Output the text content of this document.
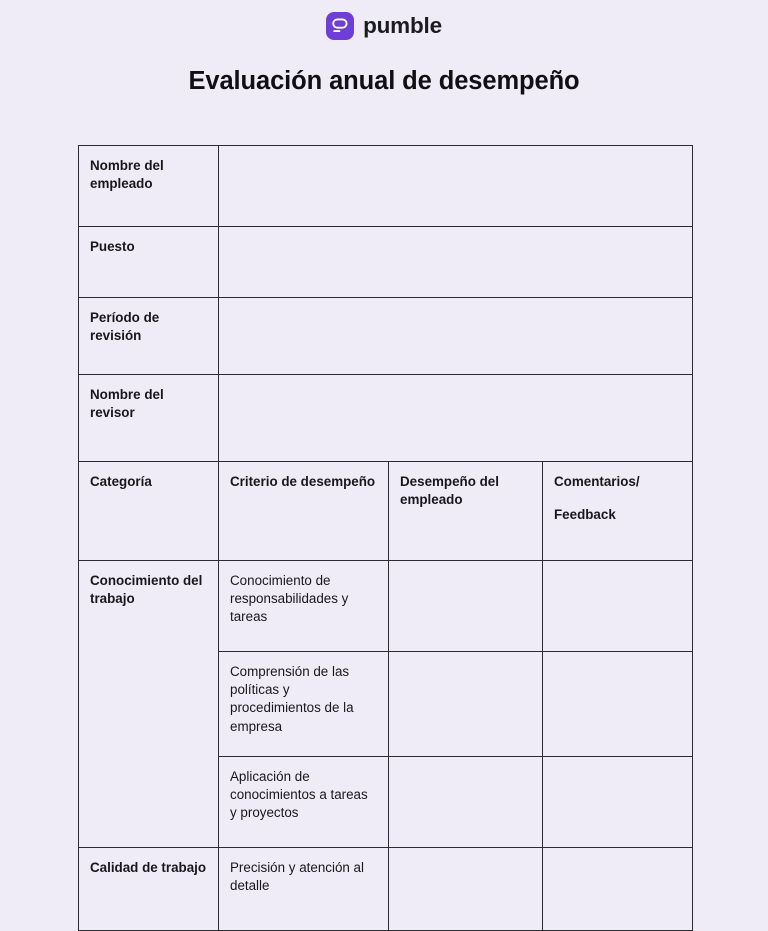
pumble
Evaluación anual de desempeño
Nombre del empleado			
Puesto			
Período de revisión			
Nombre del revisor			
Categoría	Criterio de desempeño	Desempeño del empleado	Comentarios/
Feedback

Conocimiento del trabajo	Conocimiento de responsabilidades y tareas		
	Comprensión de las políticas y procedimientos de la empresa		
	Aplicación de conocimientos a tareas y proyectos		
Calidad de trabajo	Precisión y atención al detalle		
